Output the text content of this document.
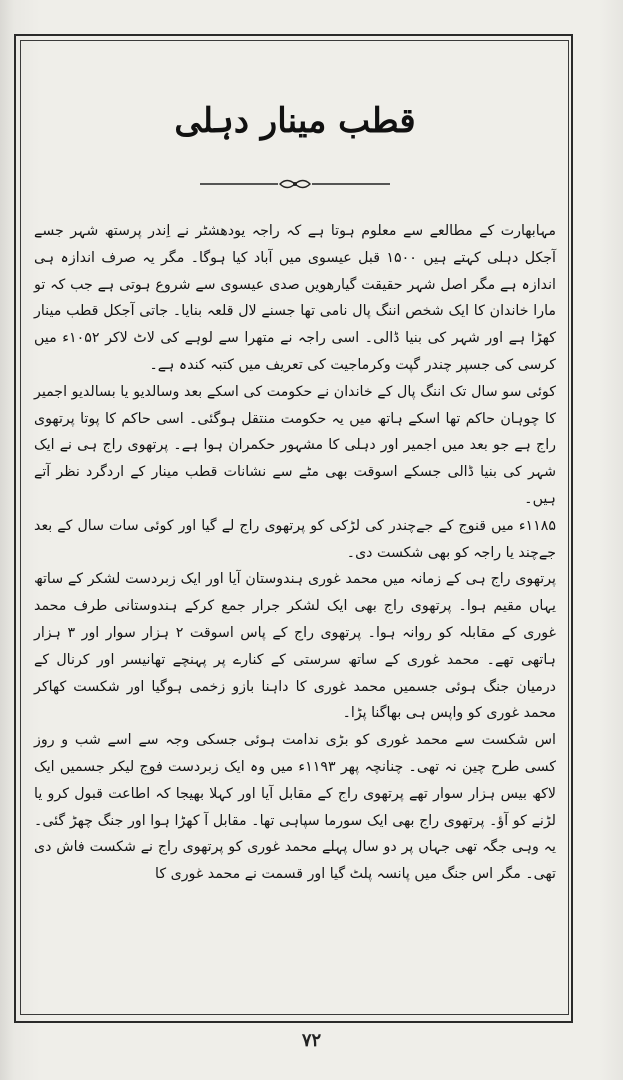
قطب مینار دہلی

مہابھارت کے مطالعے سے معلوم ہوتا ہے کہ راجہ یودھشٹر نے اِندر پرستھ شہر جسے آجکل دہلی کہتے ہیں ۱۵۰۰ قبل عیسوی میں آباد کیا ہوگا۔ مگر یہ صرف اندازہ ہی اندازہ ہے مگر اصل شہر حقیقت گیارھویں صدی عیسوی سے شروع ہوتی ہے جب کہ تو مارا خاندان کا ایک شخص اننگ پال نامی تھا جسنے لال قلعہ بنایا۔ جاتی آجکل قطب مینار کھڑا ہے اور شہر کی بنیا ڈالی۔ اسی راجہ نے متھرا سے لوہے کی لاٹ لاکر ۱۰۵۲ء میں کرسی کی جسپر چندر گپت وکرماجیت کی تعریف میں کتبہ کندہ ہے۔

کوئی سو سال تک اننگ پال کے خاندان نے حکومت کی اسکے بعد وسالدیو یا بسالدیو اجمیر کا چوہان حاکم تھا اسکے ہاتھ میں یہ حکومت منتقل ہوگئی۔ اسی حاکم کا پوتا پرتھوی راج ہے جو بعد میں اجمیر اور دہلی کا مشہور حکمران ہوا ہے۔ پرتھوی راج ہی نے ایک شہر کی بنیا ڈالی جسکے اسوقت بھی مٹے سے نشانات قطب مینار کے اردگرد نظر آتے ہیں۔

۱۱۸۵ء میں قنوج کے جےچندر کی لڑکی کو پرتھوی راج لے گیا اور کوئی سات سال کے بعد جےچند یا راجہ کو بھی شکست دی۔

پرتھوی راج ہی کے زمانہ میں محمد غوری ہندوستان آیا اور ایک زبردست لشکر کے ساتھ یہاں مقیم ہوا۔ پرتھوی راج بھی ایک لشکر جرار جمع کرکے ہندوستانی طرف محمد غوری کے مقابلہ کو روانہ ہوا۔ پرتھوی راج کے پاس اسوقت ۲ ہزار سوار اور ۳ ہزار ہاتھی تھے۔ محمد غوری کے ساتھ سرستی کے کنارے پر پہنچے تھانیسر اور کرنال کے درمیان جنگ ہوئی جسمیں محمد غوری کا داہنا بازو زخمی ہوگیا اور شکست کھاکر محمد غوری کو واپس ہی بھاگنا پڑا۔

اس شکست سے محمد غوری کو بڑی ندامت ہوئی جسکی وجہ سے اسے شب و روز کسی طرح چین نہ تھی۔ چنانچہ پھر ۱۱۹۳ء میں وہ ایک زبردست فوج لیکر جسمیں ایک لاکھ بیس ہزار سوار تھے پرتھوی راج کے مقابل آیا اور کہلا بھیجا کہ اطاعت قبول کرو یا لڑنے کو آؤ۔ پرتھوی راج بھی ایک سورما سپاہی تھا۔ مقابل آ کھڑا ہوا اور جنگ چھڑ گئی۔ یہ وہی جگہ تھی جہاں پر دو سال پہلے محمد غوری کو پرتھوی راج نے شکست فاش دی تھی۔ مگر اس جنگ میں پانسہ پلٹ گیا اور قسمت نے محمد غوری کا

۷۲
